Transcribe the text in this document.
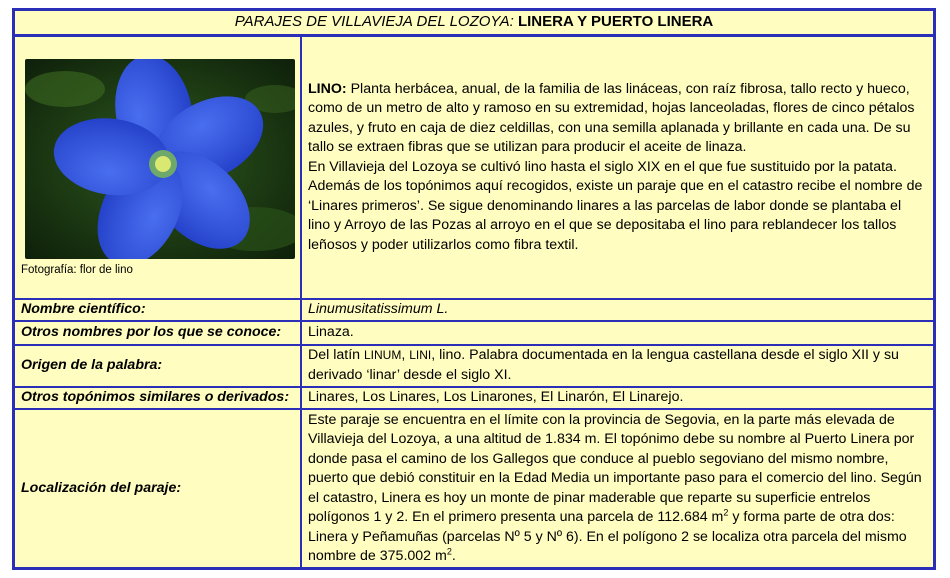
PARAJES DE VILLAVIEJA DEL LOZOYA: LINERA Y PUERTO LINERA
Fotografía: flor de lino	LINO: Planta herbácea, anual, de la familia de las lináceas, con raíz fibrosa, tallo recto y hueco, como de un metro de alto y ramoso en su extremidad, hojas lanceoladas, flores de cinco pétalos azules, y fruto en caja de diez celdillas, con una semilla aplanada y brillante en cada una. De su tallo se extraen fibras que se utilizan para producir el aceite de linaza.

En Villavieja del Lozoya se cultivó lino hasta el siglo XIX en el que fue sustituido por la patata. Además de los topónimos aquí recogidos, existe un paraje que en el catastro recibe el nombre de ‘Linares primeros’. Se sigue denominando linares a las parcelas de labor donde se plantaba el lino y Arroyo de las Pozas al arroyo en el que se depositaba el lino para reblandecer los tallos leñosos y poder utilizarlos como fibra textil.

Nombre científico:	Linumusitatissimum L.
Otros nombres por los que se conoce:	Linaza.
Origen de la palabra:	Del latín LINUM, LINI, lino. Palabra documentada en la lengua castellana desde el siglo XII y su derivado ‘linar’ desde el siglo XI.
Otros topónimos similares o derivados:	Linares, Los Linares, Los Linarones, El Linarón, El Linarejo.
Localización del paraje:	Este paraje se encuentra en el límite con la provincia de Segovia, en la parte más elevada de Villavieja del Lozoya, a una altitud de 1.834 m. El topónimo debe su nombre al Puerto Linera por donde pasa el camino de los Gallegos que conduce al pueblo segoviano del mismo nombre, puerto que debió constituir en la Edad Media un importante paso para el comercio del lino. Según el catastro, Linera es hoy un monte de pinar maderable que reparte su superficie entrelos polígonos 1 y 2. En el primero presenta una parcela de 112.684 $m^2$ y forma parte de otra dos: Linera y Peñamuñas (parcelas Nº 5 y Nº 6). En el polígono 2 se localiza otra parcela del mismo nombre de 375.002 $m^2$.
